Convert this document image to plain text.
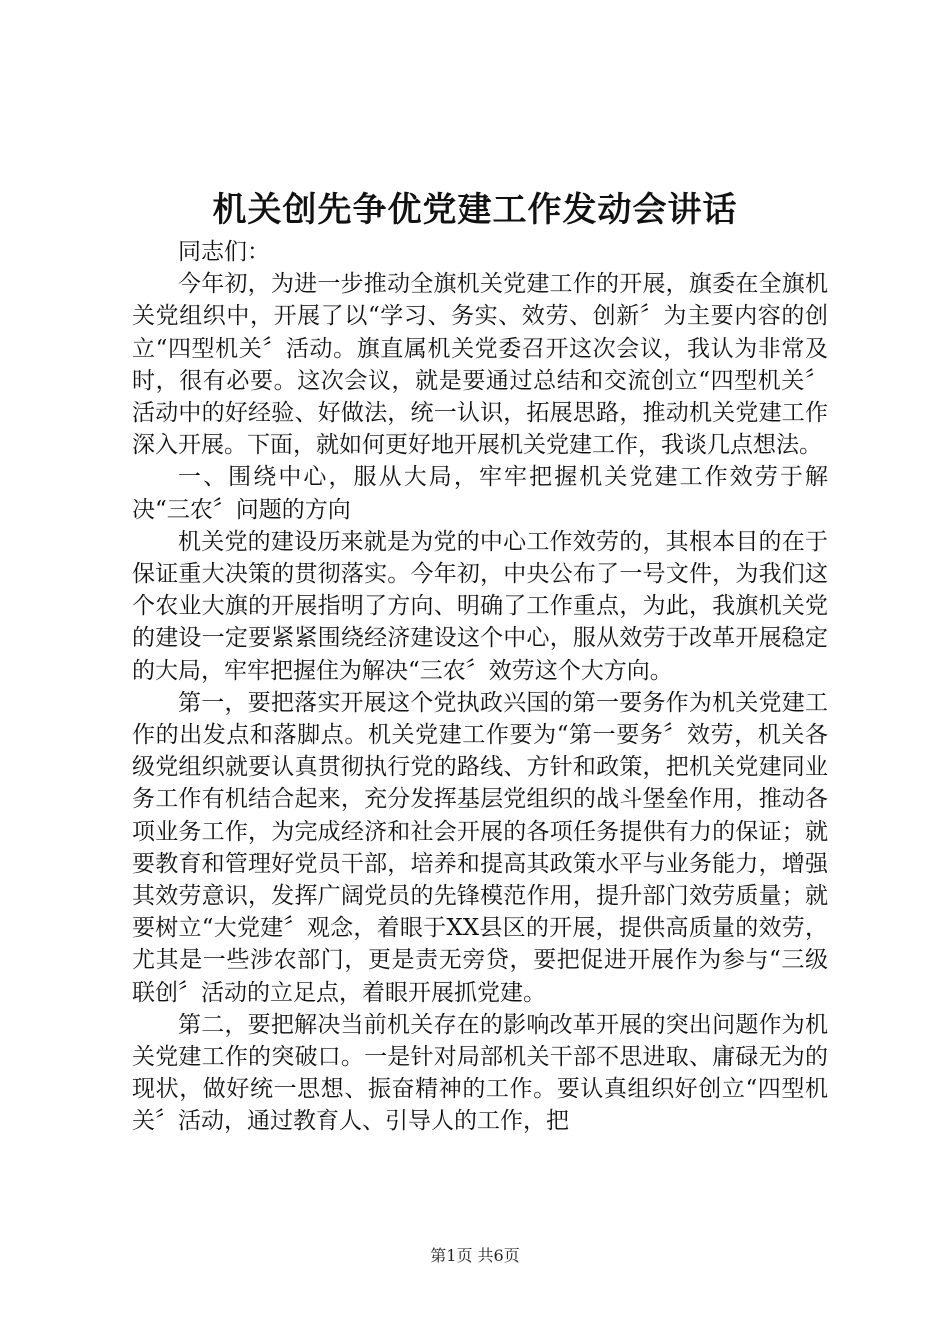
机关创先争优党建工作发动会讲话

同志们：

今年初，为进一步推动全旗机关党建工作的开展，旗委在全旗机关党组织中，开展了以“学习、务实、效劳、创新〞为主要内容的创立“四型机关〞活动。旗直属机关党委召开这次会议，我认为非常及时，很有必要。这次会议，就是要通过总结和交流创立“四型机关〞活动中的好经验、好做法，统一认识，拓展思路，推动机关党建工作深入开展。下面，就如何更好地开展机关党建工作，我谈几点想法。

一、围绕中心，服从大局，牢牢把握机关党建工作效劳于解决“三农〞问题的方向

机关党的建设历来就是为党的中心工作效劳的，其根本目的在于保证重大决策的贯彻落实。今年初，中央公布了一号文件，为我们这个农业大旗的开展指明了方向、明确了工作重点，为此，我旗机关党的建设一定要紧紧围绕经济建设这个中心，服从效劳于改革开展稳定的大局，牢牢把握住为解决“三农〞效劳这个大方向。

第一，要把落实开展这个党执政兴国的第一要务作为机关党建工作的出发点和落脚点。机关党建工作要为“第一要务〞效劳，机关各级党组织就要认真贯彻执行党的路线、方针和政策，把机关党建同业务工作有机结合起来，充分发挥基层党组织的战斗堡垒作用，推动各项业务工作，为完成经济和社会开展的各项任务提供有力的保证；就要教育和管理好党员干部，培养和提高其政策水平与业务能力，增强其效劳意识，发挥广阔党员的先锋模范作用，提升部门效劳质量；就要树立“大党建〞观念，着眼于XX县区的开展，提供高质量的效劳，尤其是一些涉农部门，更是责无旁贷，要把促进开展作为参与“三级联创〞活动的立足点，着眼开展抓党建。

第二，要把解决当前机关存在的影响改革开展的突出问题作为机关党建工作的突破口。一是针对局部机关干部不思进取、庸碌无为的现状，做好统一思想、振奋精神的工作。要认真组织好创立“四型机关〞活动，通过教育人、引导人的工作，把

第1页 共6页
